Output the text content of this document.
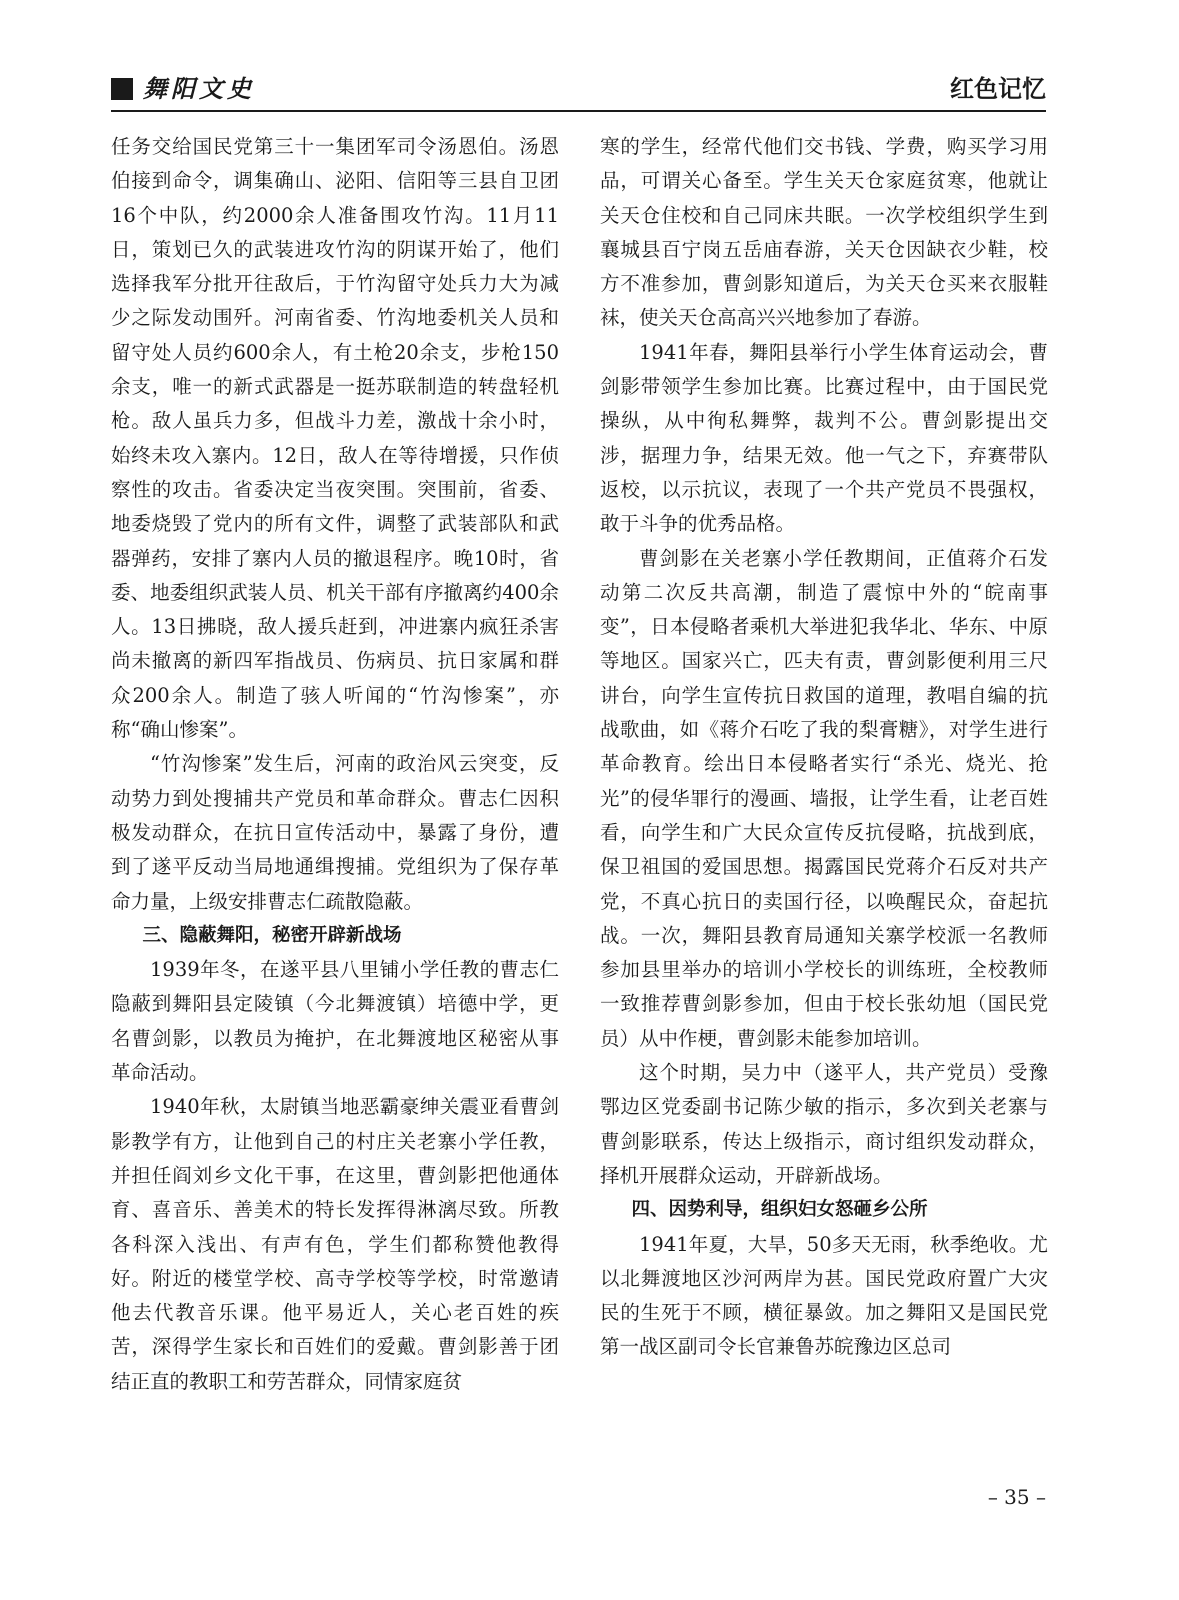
舞阳文史	红色记忆

任务交给国民党第三十一集团军司令汤恩伯。汤恩伯接到命令，调集确山、泌阳、信阳等三县自卫团16个中队，约2000余人准备围攻竹沟。11月11日，策划已久的武装进攻竹沟的阴谋开始了，他们选择我军分批开往敌后，于竹沟留守处兵力大为减少之际发动围歼。河南省委、竹沟地委机关人员和留守处人员约600余人，有土枪20余支，步枪150余支，唯一的新式武器是一挺苏联制造的转盘轻机枪。敌人虽兵力多，但战斗力差，激战十余小时，始终未攻入寨内。12日，敌人在等待增援，只作侦察性的攻击。省委决定当夜突围。突围前，省委、地委烧毁了党内的所有文件，调整了武装部队和武器弹药，安排了寨内人员的撤退程序。晚10时，省委、地委组织武装人员、机关干部有序撤离约400余人。13日拂晓，敌人援兵赶到，冲进寨内疯狂杀害尚未撤离的新四军指战员、伤病员、抗日家属和群众200余人。制造了骇人听闻的“竹沟惨案”，亦称“确山惨案”。

“竹沟惨案”发生后，河南的政治风云突变，反动势力到处搜捕共产党员和革命群众。曹志仁因积极发动群众，在抗日宣传活动中，暴露了身份，遭到了遂平反动当局地通缉搜捕。党组织为了保存革命力量，上级安排曹志仁疏散隐蔽。

三、隐蔽舞阳，秘密开辟新战场

1939年冬，在遂平县八里铺小学任教的曹志仁隐蔽到舞阳县定陵镇（今北舞渡镇）培德中学，更名曹剑影，以教员为掩护，在北舞渡地区秘密从事革命活动。

1940年秋，太尉镇当地恶霸豪绅关震亚看曹剑影教学有方，让他到自己的村庄关老寨小学任教，并担任阎刘乡文化干事，在这里，曹剑影把他通体育、喜音乐、善美术的特长发挥得淋漓尽致。所教各科深入浅出、有声有色，学生们都称赞他教得好。附近的楼堂学校、高寺学校等学校，时常邀请他去代教音乐课。他平易近人，关心老百姓的疾苦，深得学生家长和百姓们的爱戴。曹剑影善于团结正直的教职工和劳苦群众，同情家庭贫

寒的学生，经常代他们交书钱、学费，购买学习用品，可谓关心备至。学生关天仓家庭贫寒，他就让关天仓住校和自己同床共眠。一次学校组织学生到襄城县百宁岗五岳庙春游，关天仓因缺衣少鞋，校方不准参加，曹剑影知道后，为关天仓买来衣服鞋袜，使关天仓高高兴兴地参加了春游。

1941年春，舞阳县举行小学生体育运动会，曹剑影带领学生参加比赛。比赛过程中，由于国民党操纵，从中徇私舞弊，裁判不公。曹剑影提出交涉，据理力争，结果无效。他一气之下，弃赛带队返校，以示抗议，表现了一个共产党员不畏强权，敢于斗争的优秀品格。

曹剑影在关老寨小学任教期间，正值蒋介石发动第二次反共高潮，制造了震惊中外的“皖南事变”，日本侵略者乘机大举进犯我华北、华东、中原等地区。国家兴亡，匹夫有责，曹剑影便利用三尺讲台，向学生宣传抗日救国的道理，教唱自编的抗战歌曲，如《蒋介石吃了我的梨膏糖》，对学生进行革命教育。绘出日本侵略者实行“杀光、烧光、抢光”的侵华罪行的漫画、墙报，让学生看，让老百姓看，向学生和广大民众宣传反抗侵略，抗战到底，保卫祖国的爱国思想。揭露国民党蒋介石反对共产党，不真心抗日的卖国行径，以唤醒民众，奋起抗战。一次，舞阳县教育局通知关寨学校派一名教师参加县里举办的培训小学校长的训练班，全校教师一致推荐曹剑影参加，但由于校长张幼旭（国民党员）从中作梗，曹剑影未能参加培训。

这个时期，吴力中（遂平人，共产党员）受豫鄂边区党委副书记陈少敏的指示，多次到关老寨与曹剑影联系，传达上级指示，商讨组织发动群众，择机开展群众运动，开辟新战场。

四、因势利导，组织妇女怒砸乡公所

1941年夏，大旱，50多天无雨，秋季绝收。尤以北舞渡地区沙河两岸为甚。国民党政府置广大灾民的生死于不顾，横征暴敛。加之舞阳又是国民党第一战区副司令长官兼鲁苏皖豫边区总司

– 35 –
